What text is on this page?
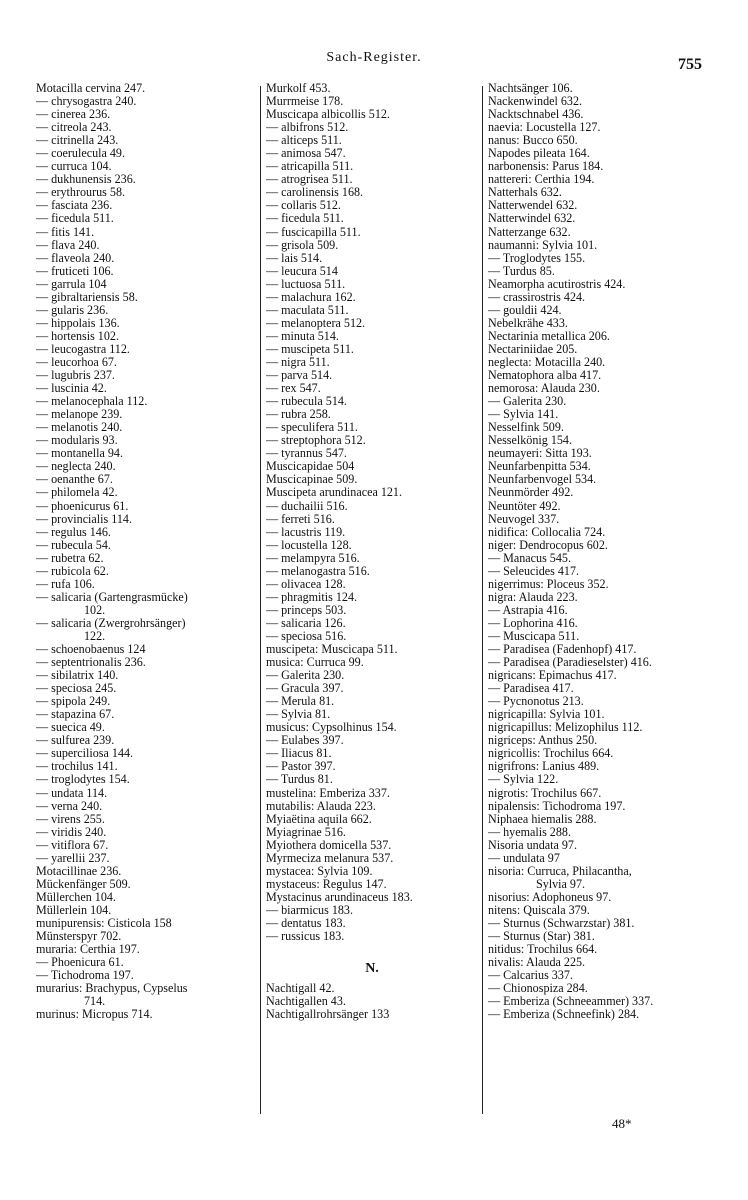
Sach-Register.	755
Motacilla cervina 247.
— chrysogastra 240.
— cinerea 236.
— citreola 243.
— citrinella 243.
— coerulecula 49.
— curruca 104.
— dukhunensis 236.
— erythrourus 58.
— fasciata 236.
— ficedula 511.
— fitis 141.
— flava 240.
— flaveola 240.
— fruticeti 106.
— garrula 104
— gibraltariensis 58.
— gularis 236.
— hippolais 136.
— hortensis 102.
— leucogastra 112.
— leucorhoa 67.
— lugubris 237.
— luscinia 42.
— melanocephala 112.
— melanope 239.
— melanotis 240.
— modularis 93.
— montanella 94.
— neglecta 240.
— oenanthe 67.
— philomela 42.
— phoenicurus 61.
— provincialis 114.
— regulus 146.
— rubecula 54.
— rubetra 62.
— rubicola 62.
— rufa 106.
— salicaria (Gartengrasmücke)
102.
— salicaria (Zwergrohrsänger)
122.
— schoenobaenus 124
— septentrionalis 236.
— sibilatrix 140.
— speciosa 245.
— spipola 249.
— stapazina 67.
— suecica 49.
— sulfurea 239.
— superciliosa 144.
— trochilus 141.
— troglodytes 154.
— undata 114.
— verna 240.
— virens 255.
— viridis 240.
— vitiflora 67.
— yarellii 237.
Motacillinae 236.
Mückenfänger 509.
Müllerchen 104.
Müllerlein 104.
munipurensis: Cisticola 158
Münsterspyr 702.
muraria: Certhia 197.
— Phoenicura 61.
— Tichodroma 197.
murarius: Brachypus, Cypselus
714.
murinus: Micropus 714.
Murkolf 453.
Murrmeise 178.
Muscicapa albicollis 512.
— albifrons 512.
— alticeps 511.
— animosa 547.
— atricapilla 511.
— atrogrisea 511.
— carolinensis 168.
— collaris 512.
— ficedula 511.
— fuscicapilla 511.
— grisola 509.
— lais 514.
— leucura 514
— luctuosa 511.
— malachura 162.
— maculata 511.
— melanoptera 512.
— minuta 514.
— muscipeta 511.
— nigra 511.
— parva 514.
— rex 547.
— rubecula 514.
— rubra 258.
— speculifera 511.
— streptophora 512.
— tyrannus 547.
Muscicapidae 504
Muscicapinae 509.
Muscipeta arundinacea 121.
— duchailii 516.
— ferreti 516.
— lacustris 119.
— locustella 128.
— melampyra 516.
— melanogastra 516.
— olivacea 128.
— phragmitis 124.
— princeps 503.
— salicaria 126.
— speciosa 516.
muscipeta: Muscicapa 511.
musica: Curruca 99.
— Galerita 230.
— Gracula 397.
— Merula 81.
— Sylvia 81.
musicus: Cypsolhinus 154.
— Eulabes 397.
— Iliacus 81.
— Pastor 397.
— Turdus 81.
mustelina: Emberiza 337.
mutabilis: Alauda 223.
Myiaëtina aquila 662.
Myiagrinae 516.
Myiothera domicella 537.
Myrmeciza melanura 537.
mystacea: Sylvia 109.
mystaceus: Regulus 147.
Mystacinus arundinaceus 183.
— biarmicus 183.
— dentatus 183.
— russicus 183.
N.
Nachtigall 42.
Nachtigallen 43.
Nachtigallrohrsänger 133
Nachtsänger 106.
Nackenwindel 632.
Nacktschnabel 436.
naevia: Locustella 127.
nanus: Bucco 650.
Napodes pileata 164.
narbonensis: Parus 184.
nattereri: Certhia 194.
Natterhals 632.
Natterwendel 632.
Natterwindel 632.
Natterzange 632.
naumanni: Sylvia 101.
— Troglodytes 155.
— Turdus 85.
Neamorpha acutirostris 424.
— crassirostris 424.
— gouldii 424.
Nebelkrähe 433.
Nectarinia metallica 206.
Nectariniidae 205.
neglecta: Motacilla 240.
Nematophora alba 417.
nemorosa: Alauda 230.
— Galerita 230.
— Sylvia 141.
Nesselfink 509.
Nesselkönig 154.
neumayeri: Sitta 193.
Neunfarbenpitta 534.
Neunfarbenvogel 534.
Neunmörder 492.
Neuntöter 492.
Neuvogel 337.
nidifica: Collocalia 724.
niger: Dendrocopus 602.
— Manacus 545.
— Seleucides 417.
nigerrimus: Ploceus 352.
nigra: Alauda 223.
— Astrapia 416.
— Lophorina 416.
— Muscicapa 511.
— Paradisea (Fadenhopf) 417.
— Paradisea (Paradieselster) 416.
nigricans: Epimachus 417.
— Paradisea 417.
— Pycnonotus 213.
nigricapilla: Sylvia 101.
nigricapillus: Melizophilus 112.
nigriceps: Anthus 250.
nigricollis: Trochilus 664.
nigrifrons: Lanius 489.
— Sylvia 122.
nigrotis: Trochilus 667.
nipalensis: Tichodroma 197.
Niphaea hiemalis 288.
— hyemalis 288.
Nisoria undata 97.
— undulata 97
nisoria: Curruca, Philacantha,
Sylvia 97.
nisorius: Adophoneus 97.
nitens: Quiscala 379.
— Sturnus (Schwarzstar) 381.
— Sturnus (Star) 381.
nitidus: Trochilus 664.
nivalis: Alauda 225.
— Calcarius 337.
— Chionospiza 284.
— Emberiza (Schneeammer) 337.
— Emberiza (Schneefink) 284.
48*
